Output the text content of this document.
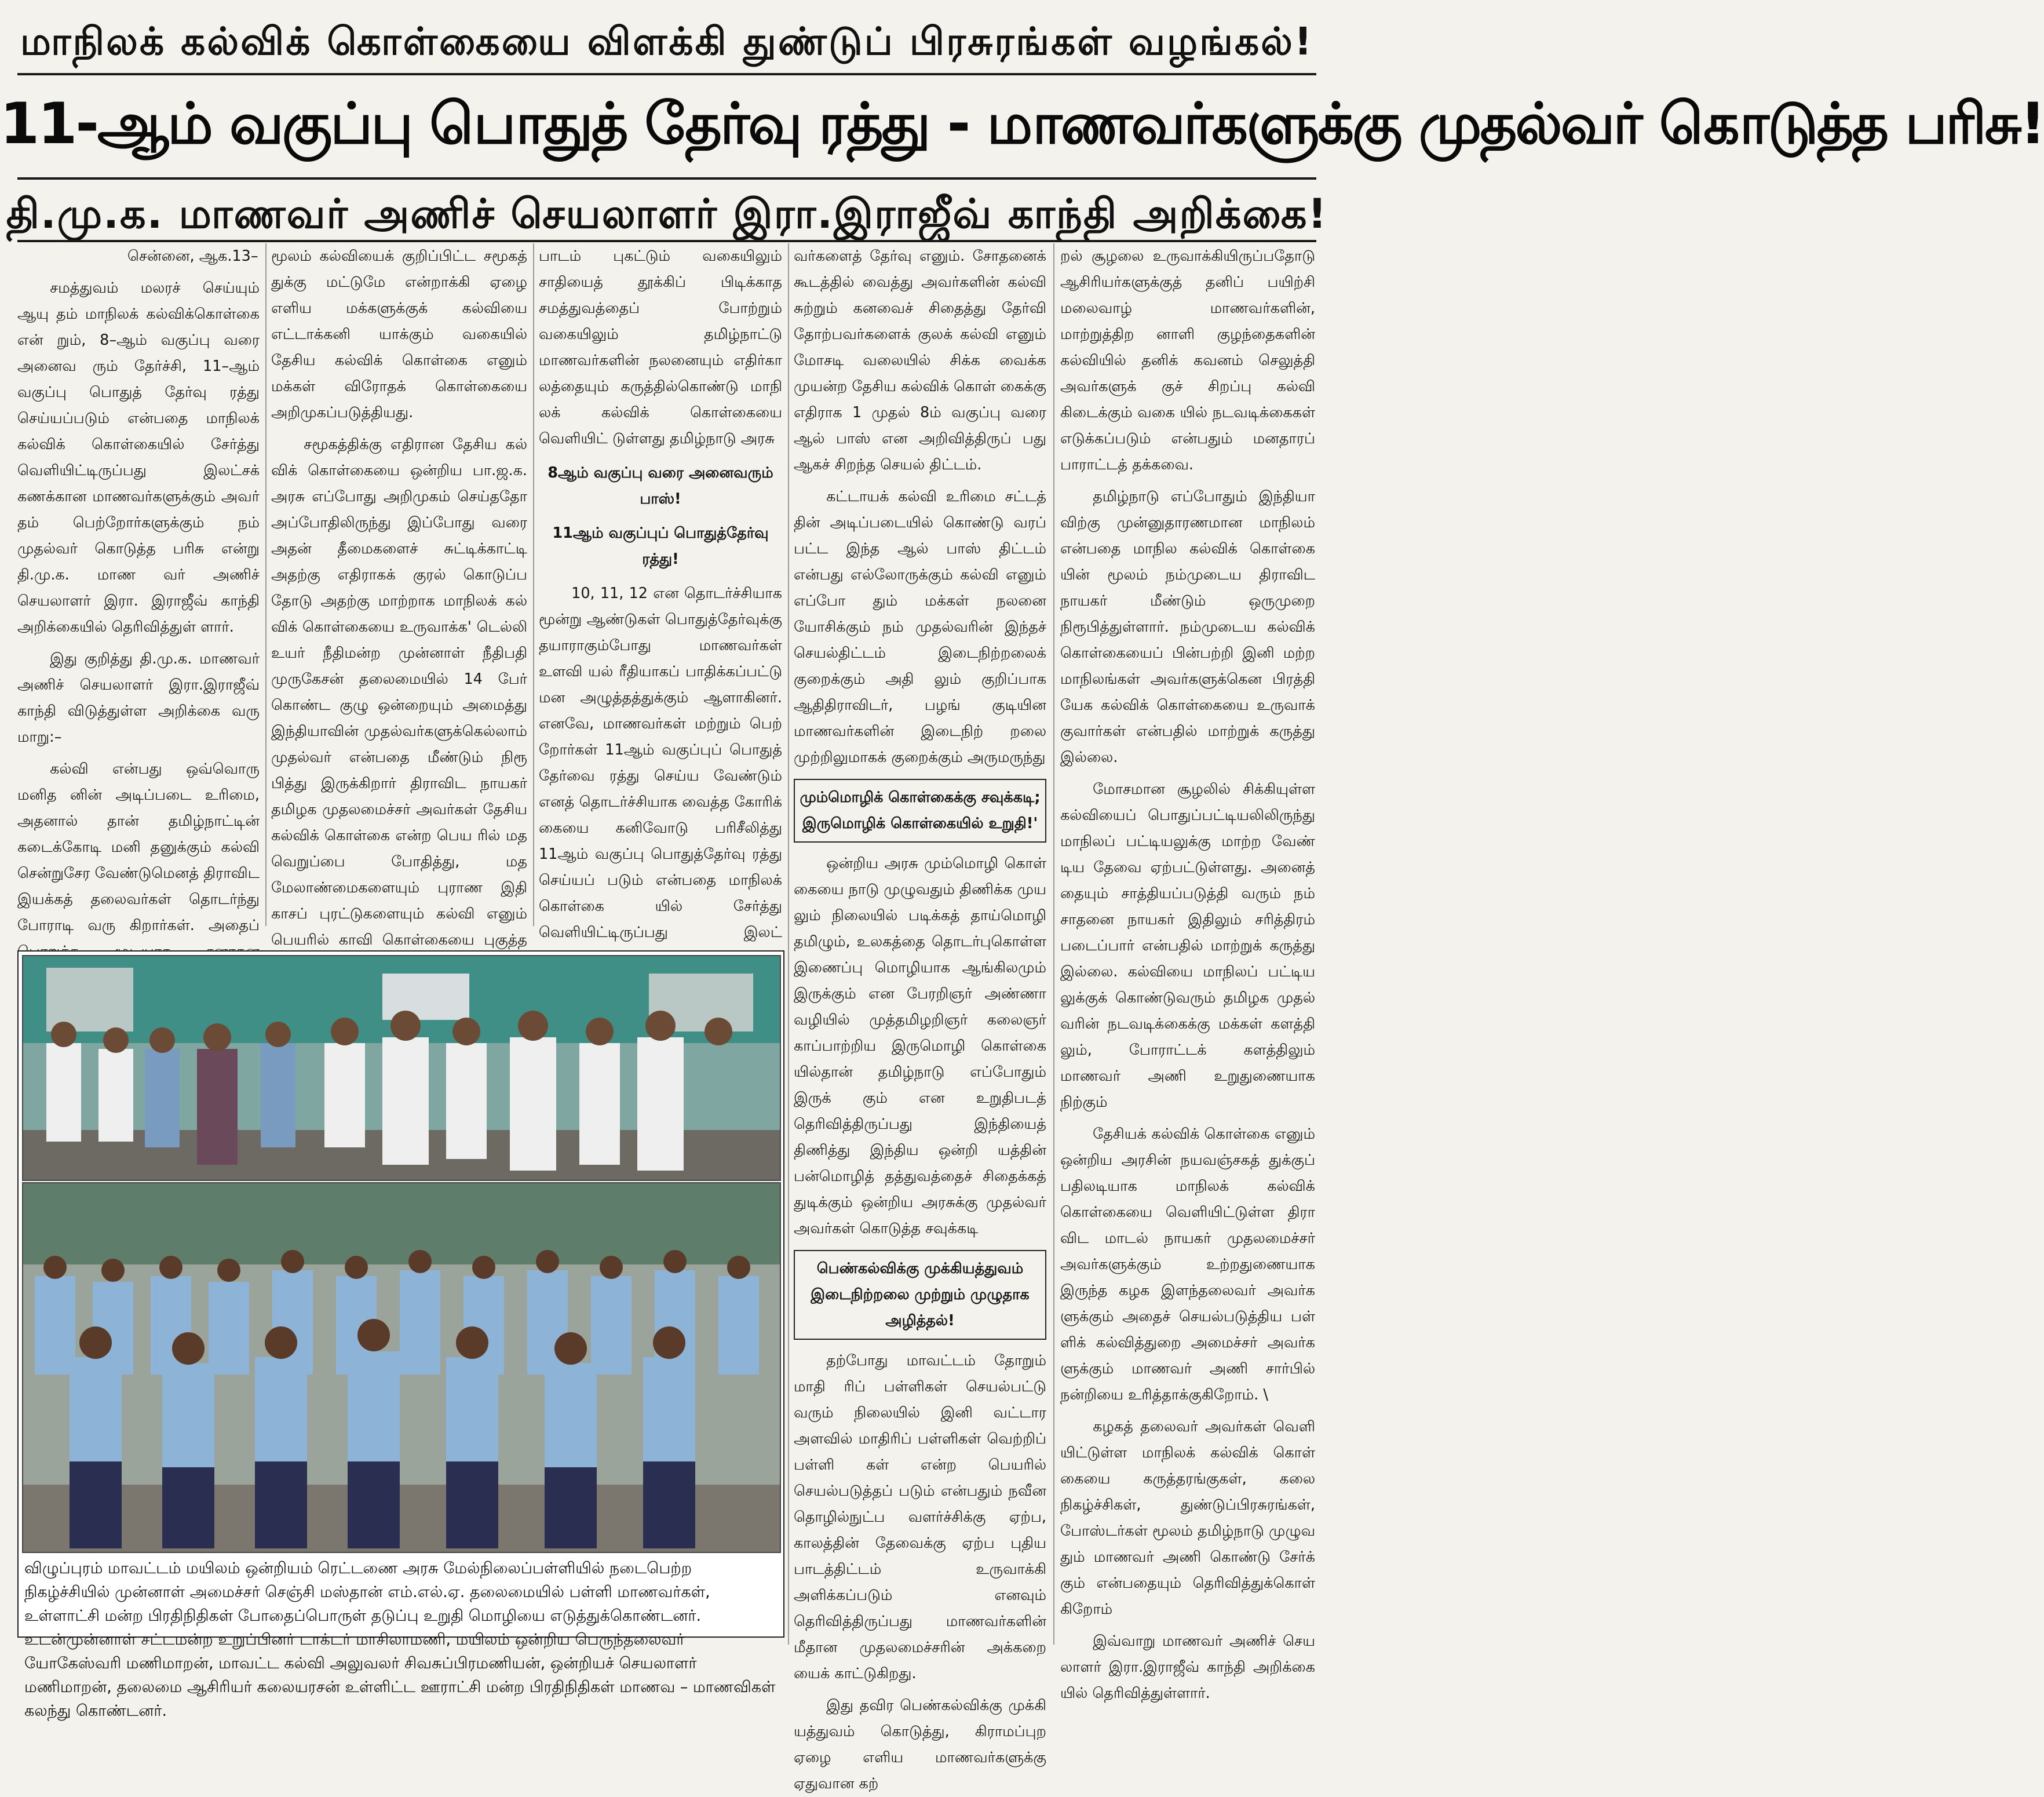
மாநிலக் கல்விக் கொள்கையை விளக்கி துண்டுப் பிரசுரங்கள் வழங்கல்!
11-ஆம் வகுப்பு பொதுத் தேர்வு ரத்து - மாணவர்களுக்கு முதல்வர் கொடுத்த பரிசு!
தி.மு.க. மாணவர் அணிச் செயலாளர் இரா.இராஜீவ் காந்தி அறிக்கை!

சென்னை, ஆக.13–

சமத்துவம் மலரச் செய்யும் ஆயு தம் மாநிலக் கல்விக்கொள்கை என் றும், 8–ஆம் வகுப்பு வரை அனைவ ரும் தேர்ச்சி, 11–ஆம் வகுப்பு பொதுத் தேர்வு ரத்து செய்யப்படும் என்பதை மாநிலக் கல்விக் கொள்கையில் சேர்த்து வெளியிட்டிருப்பது இலட்சக் கணக்கான மாணவர்களுக்கும் அவர் தம் பெற்றோர்களுக்கும் நம் முதல்வர் கொடுத்த பரிசு என்று தி.மு.க. மாண வர் அணிச் செயலாளர் இரா. இராஜீவ் காந்தி அறிக்கையில் தெரிவித்துள் ளார்.

இது குறித்து தி.மு.க. மாணவர் அணிச் செயலாளர் இரா.இராஜீவ் காந்தி விடுத்துள்ள அறிக்கை வரு மாறு:–

கல்வி என்பது ஒவ்வொரு மனித னின் அடிப்படை உரிமை, அதனால் தான் தமிழ்நாட்டின் கடைக்கோடி மனி தனுக்கும் கல்வி சென்றுசேர வேண்டுமெனத் திராவிட இயக்கத் தலைவர்கள் தொடர்ந்து போராடி வரு கிறார்கள். அதைப்

மூலம் கல்வியைக் குறிப்பிட்ட சமூகத் துக்கு மட்டுமே என்றாக்கி ஏழை எளிய மக்களுக்குக் கல்வியை எட்டாக்கனி யாக்கும் வகையில் தேசிய கல்விக் கொள்கை எனும் மக்கள் விரோதக் கொள்கையை அறிமுகப்படுத்தியது.

சமூகத்திக்கு எதிரான தேசிய கல் விக் கொள்கையை ஒன்றிய பா.ஜ.க. அரசு எப்போது அறிமுகம் செய்ததோ அப்போதிலிருந்து இப்போது வரை அதன் தீமைகளைச் சுட்டிக்காட்டி அதற்கு எதிராகக் குரல் கொடுப்ப தோடு அதற்கு மாற்றாக மாநிலக் கல் விக் கொள்கையை உருவாக்க' டெல்லி உயர் நீதிமன்ற முன்னாள் நீதிபதி முருகேசன் தலைமையில் 14 பேர் கொண்ட குழு ஒன்றையும் அமைத்து இந்தியாவின் முதல்வர்களுக்கெல்லாம் முதல்வர் என்பதை மீண்டும் நிரூ பித்து இருக்கிறார் திராவிட நாயகர் தமிழக முதலமைச்சர் அவர்கள் தேசிய கல்விக் கொள்கை என்ற பெய ரில் மத வெறுப்பை போதித்து, மத மேலாண்மைகளையும் புராண இதி காசப் புரட்டுகளையும் கல்வி எனும் பெயரில் காவி கொள்கையை புகுத்த

பாடம் புகட்டும் வகையிலும் சாதியைத் தூக்கிப் பிடிக்காத சமத்துவத்தைப் போற்றும் வகையிலும் தமிழ்நாட்டு மாணவர்களின் நலனையும் எதிர்கா லத்தையும் கருத்தில்கொண்டு மாநி லக் கல்விக் கொள்கையை வெளியிட் டுள்ளது தமிழ்நாடு அரசு

8ஆம் வகுப்பு வரை அனைவரும் பாஸ்!

11ஆம் வகுப்புப் பொதுத்தேர்வு ரத்து!

10, 11, 12 என தொடர்ச்சியாக மூன்று ஆண்டுகள் பொதுத்தேர்வுக்கு தயாராகும்போது மாணவர்கள் உளவி யல் ரீதியாகப் பாதிக்கப்பட்டு மன அழுத்தத்துக்கும் ஆளாகினர். எனவே, மாணவர்கள் மற்றும் பெற் றோர்கள் 11ஆம் வகுப்புப் பொதுத் தேர்வை ரத்து செய்ய வேண்டும் எனத் தொடர்ச்சியாக வைத்த கோரிக் கையை கனிவோடு பரிசீலித்து 11ஆம் வகுப்பு பொதுத்தேர்வு ரத்து செய்யப் படும் என்பதை மாநிலக் கொள்கை யில் சேர்த்து வெளியிட்டிருப்பது இலட்

வர்களைத் தேர்வு எனும். சோதனைக் கூடத்தில் வைத்து அவர்களின் கல்வி சுற்றும் கனவைச் சிதைத்து தேர்வி தோற்பவர்களைக் குலக் கல்வி எனும் மோசடி வலையில் சிக்க வைக்க முயன்ற தேசிய கல்விக் கொள் கைக்கு எதிராக 1 முதல் 8ம் வகுப்பு வரை ஆல் பாஸ் என அறிவித்திருப் பது ஆகச் சிறந்த செயல் திட்டம்.

கட்டாயக் கல்வி உரிமை சட்டத் தின் அடிப்படையில் கொண்டு வரப் பட்ட இந்த ஆல் பாஸ் திட்டம் என்பது எல்லோருக்கும் கல்வி எனும் எப்போ தும் மக்கள் நலனை யோசிக்கும் நம் முதல்வரின் இந்தச் செயல்திட்டம் இடைநிற்றலைக் குறைக்கும் அதி லும் குறிப்பாக ஆதிதிராவிடர், பழங் குடியின மாணவர்களின் இடைநிற் றலை முற்றிலுமாகக் குறைக்கும் அருமருந்து

மும்மொழிக் கொள்கைக்கு சவுக்கடி; இருமொழிக் கொள்கையில் உறுதி!'

ஒன்றிய அரசு மும்மொழி கொள் கையை நாடு முழுவதும் திணிக்க முய லும் நிலையில் படிக்கத் தாய்மொழி தமிழும், உலகத்தை தொடர்புகொள்ள இணைப்பு மொழியாக ஆங்கிலமும் இருக்கும் என பேரறிஞர் அண்ணா வழியில் முத்தமிழறிஞர் கலைஞர் காப்பாற்றிய இருமொழி கொள்கை யில்தான் தமிழ்நாடு எப்போதும் இருக் கும் என உறுதிபடத் தெரிவித்திருப்பது இந்தியைத் திணித்து இந்திய ஒன்றி யத்தின் பன்மொழித் தத்துவத்தைச் சிதைக்கத் துடிக்கும் ஒன்றிய அரசுக்கு முதல்வர் அவர்கள் கொடுத்த சவுக்கடி

பெண்கல்விக்கு முக்கியத்துவம் இடைநிற்றலை முற்றும் முழுதாக அழித்தல்!

தற்போது மாவட்டம் தோறும் மாதி ரிப் பள்ளிகள் செயல்பட்டு வரும் நிலையில் இனி வட்டார அளவில் மாதிரிப் பள்ளிகள் வெற்றிப் பள்ளி கள் என்ற பெயரில் செயல்படுத்தப் படும் என்பதும் நவீன தொழில்நுட்ப வளர்ச்சிக்கு ஏற்ப, காலத்தின் தேவைக்கு ஏற்ப புதிய பாடத்திட்டம் உருவாக்கி அளிக்கப்படும் எனவும் தெரிவித்திருப்பது மாணவர்களின் மீதான முதலமைச்சரின் அக்கறை யைக் காட்டுகிறது.

இது தவிர பெண்கல்விக்கு முக்கி யத்துவம் கொடுத்து, கிராமப்புற ஏழை எளிய மாணவர்களுக்கு ஏதுவான கற்

றல் சூழலை உருவாக்கியிருப்பதோடு ஆசிரியர்களுக்குத் தனிப் பயிற்சி மலைவாழ் மாணவர்களின், மாற்றுத்திற னாளி குழந்தைகளின் கல்வியில் தனிக் கவனம் செலுத்தி அவர்களுக் குச் சிறப்பு கல்வி கிடைக்கும் வகை யில் நடவடிக்கைகள் எடுக்கப்படும் என்பதும் மனதாரப் பாராட்டத் தக்கவை.

தமிழ்நாடு எப்போதும் இந்தியா விற்கு முன்னுதாரணமான மாநிலம் என்பதை மாநில கல்விக் கொள்கை யின் மூலம் நம்முடைய திராவிட நாயகர் மீண்டும் ஒருமுறை நிரூபித்துள்ளார். நம்முடைய கல்விக் கொள்கையைப் பின்பற்றி இனி மற்ற மாநிலங்கள் அவர்களுக்கென பிரத்தி யேக கல்விக் கொள்கையை உருவாக் குவார்கள் என்பதில் மாற்றுக் கருத்து இல்லை.

மோசமான சூழலில் சிக்கியுள்ள கல்வியைப் பொதுப்பட்டியலிலிருந்து மாநிலப் பட்டியலுக்கு மாற்ற வேண் டிய தேவை ஏற்பட்டுள்ளது. அனைத் தையும் சாத்தியப்படுத்தி வரும் நம் சாதனை நாயகர் இதிலும் சரித்திரம் படைப்பார் என்பதில் மாற்றுக் கருத்து இல்லை. கல்வியை மாநிலப் பட்டிய லுக்குக் கொண்டுவரும் தமிழக முதல் வரின் நடவடிக்கைக்கு மக்கள் களத்தி லும், போராட்டக் களத்திலும் மாணவர் அணி உறுதுணையாக நிற்கும்

தேசியக் கல்விக் கொள்கை எனும் ஒன்றிய அரசின் நயவஞ்சகத் துக்குப் பதிலடியாக மாநிலக் கல்விக் கொள்கையை வெளியிட்டுள்ள திரா விட மாடல் நாயகர் முதலமைச்சர் அவர்களுக்கும் உற்றதுணையாக இருந்த கழக இளந்தலைவர் அவர்க ளுக்கும் அதைச் செயல்படுத்திய பள் ளிக் கல்வித்துறை அமைச்சர் அவர்க ளுக்கும் மாணவர் அணி சார்பில் நன்றியை உரித்தாக்குகிறோம். \

கழகத் தலைவர் அவர்கள் வெளி யிட்டுள்ள மாநிலக் கல்விக் கொள் கையை கருத்தரங்குகள், கலை நிகழ்ச்சிகள், துண்டுப்பிரசுரங்கள், போஸ்டர்கள் மூலம் தமிழ்நாடு முழுவ தும் மாணவர் அணி கொண்டு சேர்க் கும் என்பதையும் தெரிவித்துக்கொள் கிறோம்

இவ்வாறு மாணவர் அணிச் செய லாளர் இரா.இராஜீவ் காந்தி அறிக்கை யில் தெரிவித்துள்ளார்.

விழுப்புரம் மாவட்டம் மயிலம் ஒன்றியம் ரெட்டணை அரசு மேல்நிலைப்பள்ளியில் நடைபெற்ற நிகழ்ச்சியில் முன்னாள் அமைச்சர் செஞ்சி மஸ்தான் எம்.எல்.ஏ. தலைமையில் பள்ளி மாணவர்கள், உள்ளாட்சி மன்ற பிரதிநிதிகள் போதைப்பொருள் தடுப்பு உறுதி மொழியை எடுத்துக்கொண்டனர். உடன்முன்னாள் சட்டமன்ற உறுப்பினர் டாக்டர் மாசிலாமணி, மயிலம் ஒன்றிய பெருந்தலைவர் யோகேஸ்வரி மணிமாறன், மாவட்ட கல்வி அலுவலர் சிவசுப்பிரமணியன், ஒன்றியச் செயலாளர் மணிமாறன், தலைமை ஆசிரியர் கலையரசன் உள்ளிட்ட ஊராட்சி மன்ற பிரதிநிதிகள் மாணவ – மாணவிகள் கலந்து கொண்டனர்.
